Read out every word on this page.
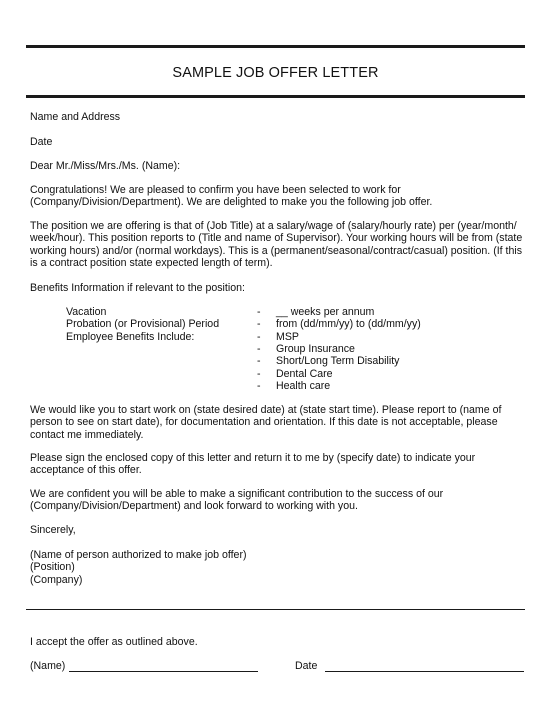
SAMPLE JOB OFFER LETTER

Name and Address

Date

Dear Mr./Miss/Mrs./Ms. (Name):

Congratulations! We are pleased to confirm you have been selected to work for
(Company/Division/Department). We are delighted to make you the following job offer.

The position we are offering is that of (Job Title) at a salary/wage of (salary/hourly rate) per (year/month/
week/hour). This position reports to (Title and name of Supervisor). Your working hours will be from (state
working hours) and/or (normal workdays). This is a (permanent/seasonal/contract/casual) position. (If this
is a contract position state expected length of term).

Benefits Information if relevant to the position:

Vacation	- __ weeks per annum
Probation (or Provisional) Period	- from (dd/mm/yy) to (dd/mm/yy)
Employee Benefits Include:	- MSP
- Group Insurance
- Short/Long Term Disability
- Dental Care
- Health care

We would like you to start work on (state desired date) at (state start time). Please report to (name of
person to see on start date), for documentation and orientation. If this date is not acceptable, please
contact me immediately.

Please sign the enclosed copy of this letter and return it to me by (specify date) to indicate your
acceptance of this offer.

We are confident you will be able to make a significant contribution to the success of our
(Company/Division/Department) and look forward to working with you.

Sincerely,

(Name of person authorized to make job offer)
(Position)
(Company)

I accept the offer as outlined above.

(Name)	Date
